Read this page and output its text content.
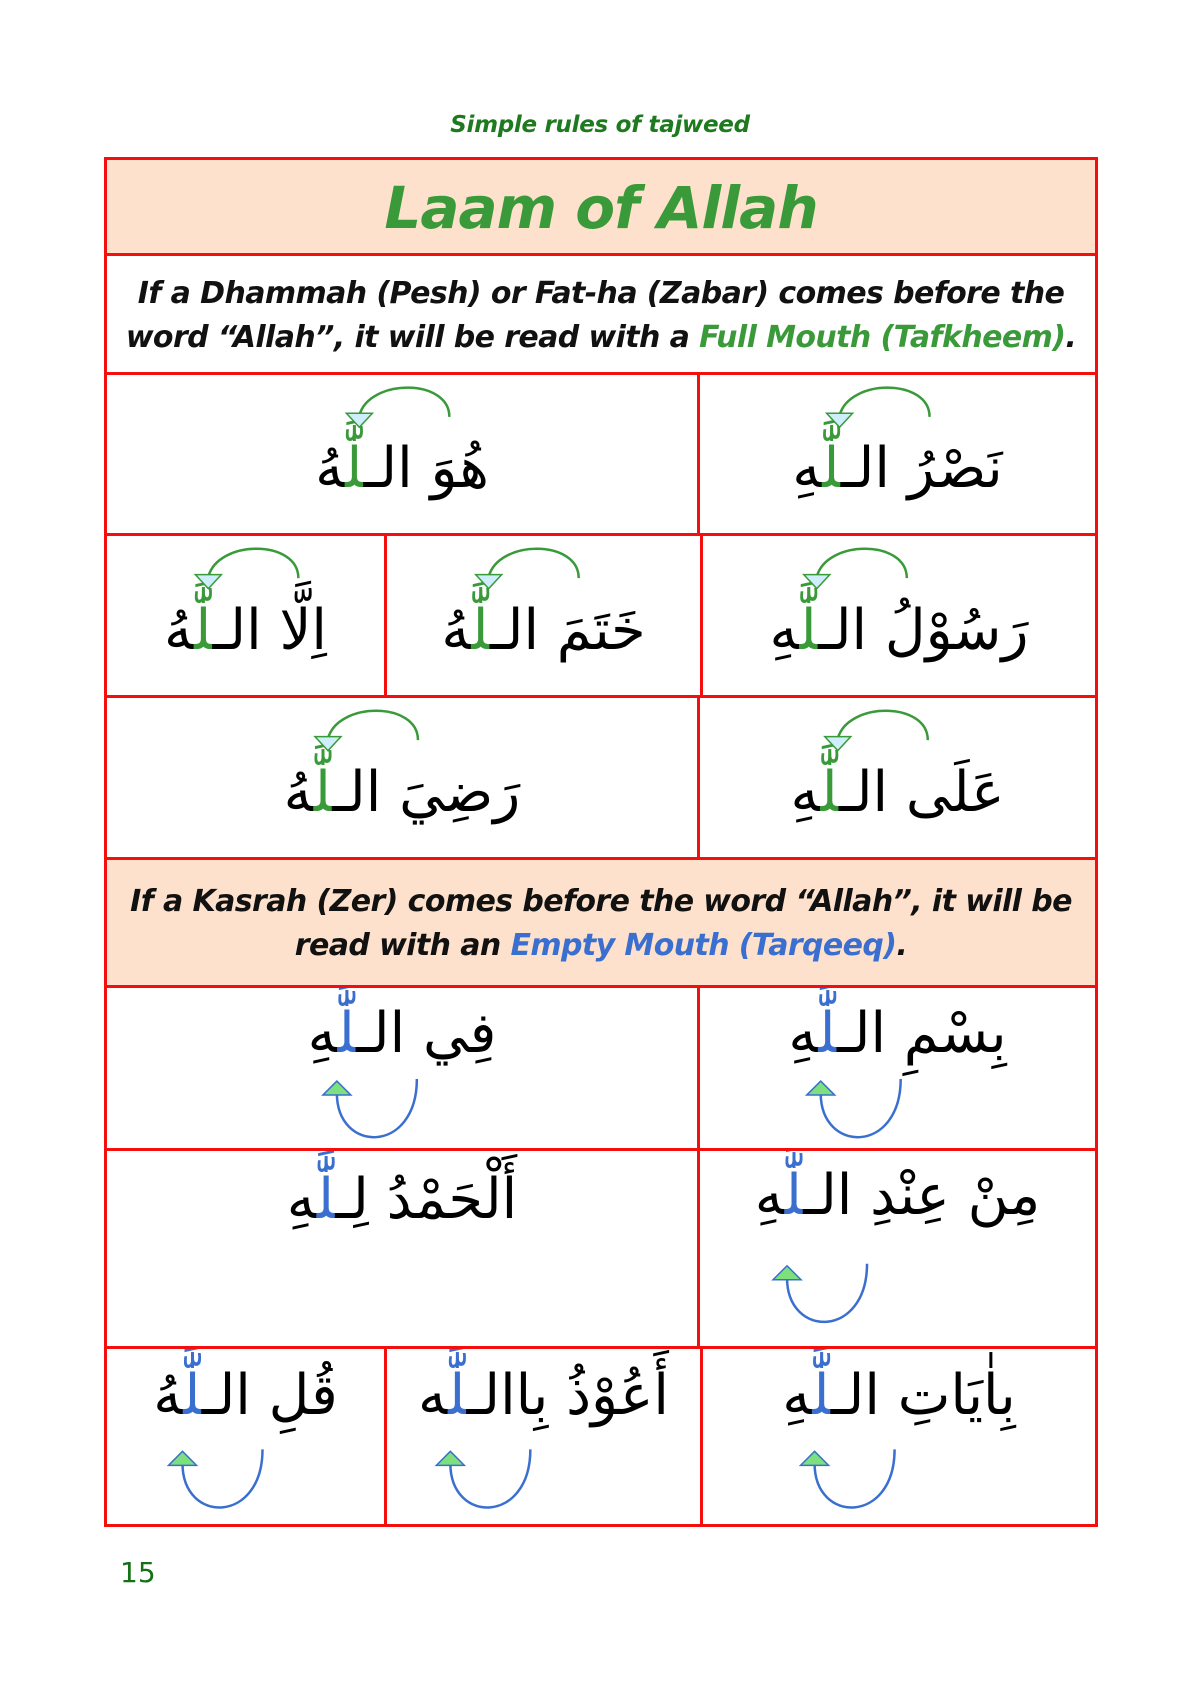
Simple rules of tajweed
Laam of Allah
If a Dhammah (Pesh) or Fat-ha (Zabar) comes before the word “Allah”, it will be read with a Full Mouth (Tafkheem).
هُوَ الـلَّٰهُ	نَصْرُ الـلَّٰهِ
اِلَّا الـلَّٰهُ	خَتَمَ الـلَّٰهُ	رَسُوْلُ الـلَّٰهِ
رَضِيَ الـلَّٰهُ	عَلَى الـلَّٰهِ
If a Kasrah (Zer) comes before the word “Allah”, it will be read with an Empty Mouth (Tarqeeq).
فِي الـلَّٰهِ	بِسْمِ الـلَّٰهِ
أَلْحَمْدُ لِـلَّٰهِ	مِنْ عِنْدِ الـلَّٰهِ
قُلِ الـلَّٰهُ	أَعُوْذُ بِاالـلَّٰه	بِاٰيَاتِ الـلَّٰهِ
15
